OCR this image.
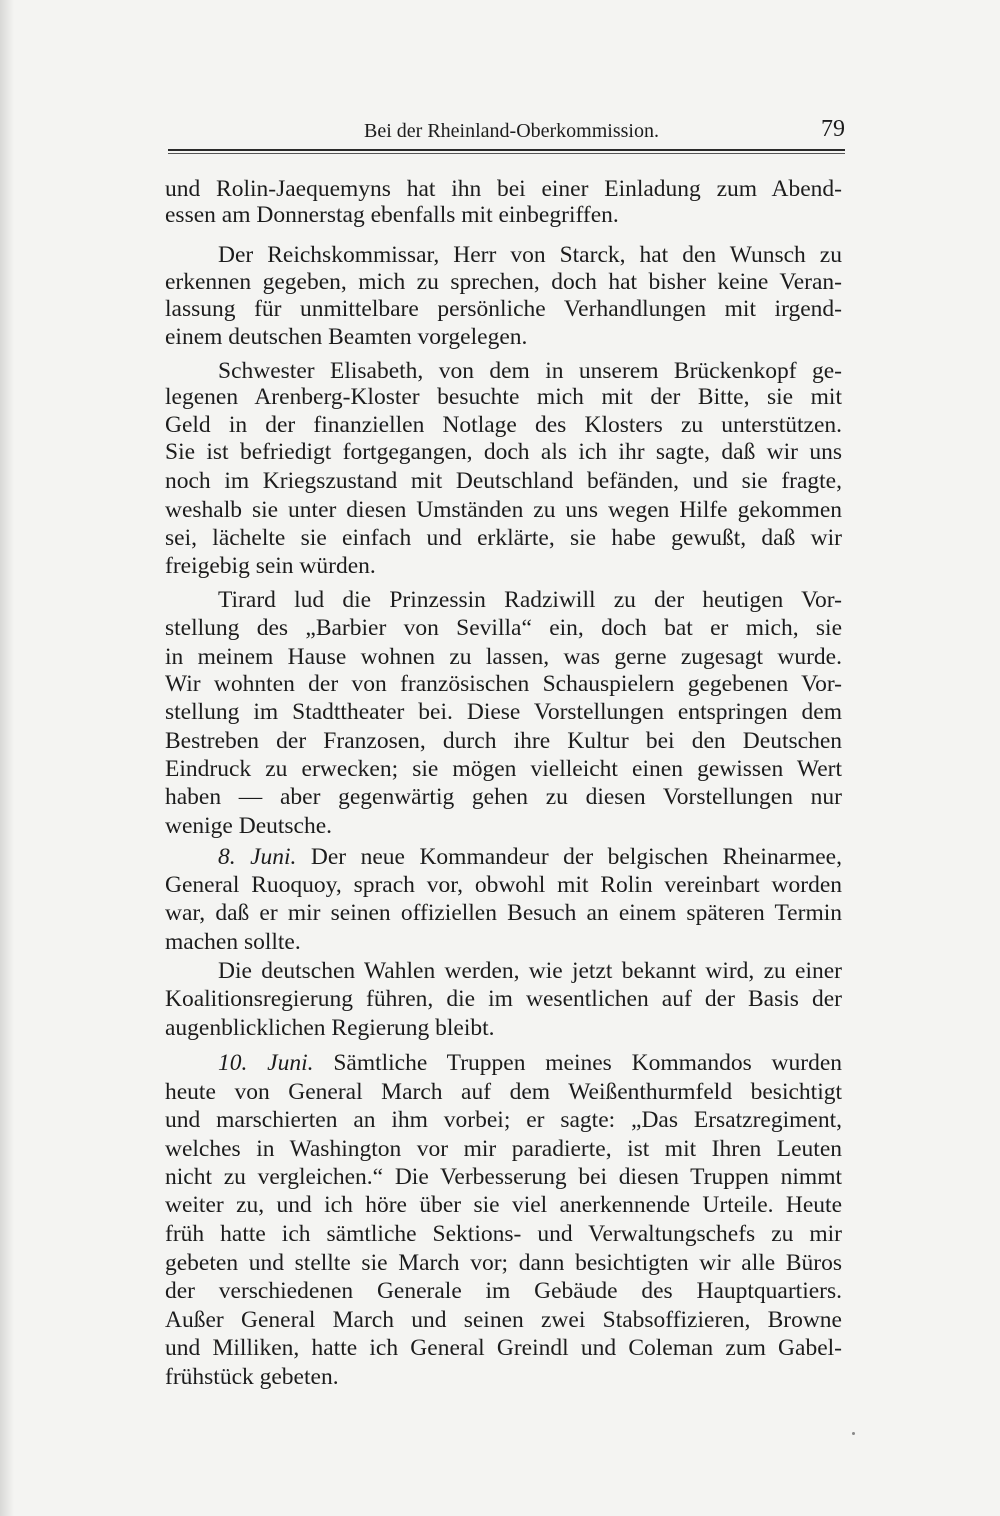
Bei der Rheinland-Oberkommission.	79
und Rolin-Jaequemyns hat ihn bei einer Einladung zum Abend-
essen am Donnerstag ebenfalls mit einbegriffen.
Der Reichskommissar, Herr von Starck, hat den Wunsch zu
erkennen gegeben, mich zu sprechen, doch hat bisher keine Veran-
lassung für unmittelbare persönliche Verhandlungen mit irgend-
einem deutschen Beamten vorgelegen.
Schwester Elisabeth, von dem in unserem Brückenkopf ge-
legenen Arenberg-Kloster besuchte mich mit der Bitte, sie mit
Geld in der finanziellen Notlage des Klosters zu unterstützen.
Sie ist befriedigt fortgegangen, doch als ich ihr sagte, daß wir uns
noch im Kriegszustand mit Deutschland befänden, und sie fragte,
weshalb sie unter diesen Umständen zu uns wegen Hilfe gekommen
sei, lächelte sie einfach und erklärte, sie habe gewußt, daß wir
freigebig sein würden.
Tirard lud die Prinzessin Radziwill zu der heutigen Vor-
stellung des „Barbier von Sevilla“ ein, doch bat er mich, sie
in meinem Hause wohnen zu lassen, was gerne zugesagt wurde.
Wir wohnten der von französischen Schauspielern gegebenen Vor-
stellung im Stadttheater bei. Diese Vorstellungen entspringen dem
Bestreben der Franzosen, durch ihre Kultur bei den Deutschen
Eindruck zu erwecken; sie mögen vielleicht einen gewissen Wert
haben — aber gegenwärtig gehen zu diesen Vorstellungen nur
wenige Deutsche.
8. Juni. Der neue Kommandeur der belgischen Rheinarmee,
General Ruoquoy, sprach vor, obwohl mit Rolin vereinbart worden
war, daß er mir seinen offiziellen Besuch an einem späteren Termin
machen sollte.
Die deutschen Wahlen werden, wie jetzt bekannt wird, zu einer
Koalitionsregierung führen, die im wesentlichen auf der Basis der
augenblicklichen Regierung bleibt.
10. Juni. Sämtliche Truppen meines Kommandos wurden
heute von General March auf dem Weißenthurmfeld besichtigt
und marschierten an ihm vorbei; er sagte: „Das Ersatzregiment,
welches in Washington vor mir paradierte, ist mit Ihren Leuten
nicht zu vergleichen.“ Die Verbesserung bei diesen Truppen nimmt
weiter zu, und ich höre über sie viel anerkennende Urteile. Heute
früh hatte ich sämtliche Sektions- und Verwaltungschefs zu mir
gebeten und stellte sie March vor; dann besichtigten wir alle Büros
der verschiedenen Generale im Gebäude des Hauptquartiers.
Außer General March und seinen zwei Stabsoffizieren, Browne
und Milliken, hatte ich General Greindl und Coleman zum Gabel-
frühstück gebeten.
